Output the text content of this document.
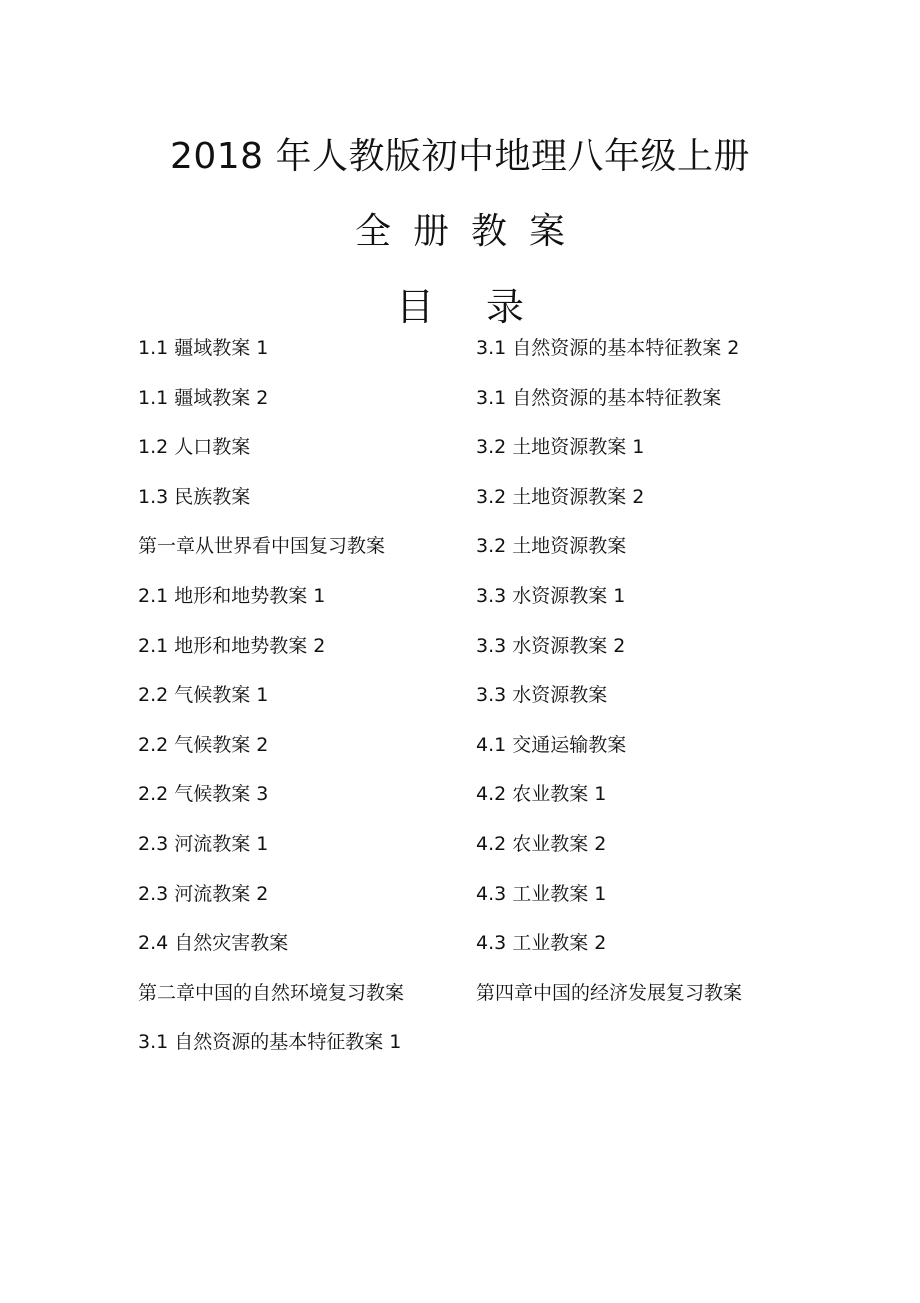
2018 年人教版初中地理八年级上册
全册教案
目录
1.1 疆域教案 1
1.1 疆域教案 2
1.2 人口教案
1.3 民族教案
第一章从世界看中国复习教案
2.1 地形和地势教案 1
2.1 地形和地势教案 2
2.2 气候教案 1
2.2 气候教案 2
2.2 气候教案 3
2.3 河流教案 1
2.3 河流教案 2
2.4 自然灾害教案
第二章中国的自然环境复习教案
3.1 自然资源的基本特征教案 1
3.1 自然资源的基本特征教案 2
3.1 自然资源的基本特征教案
3.2 土地资源教案 1
3.2 土地资源教案 2
3.2 土地资源教案
3.3 水资源教案 1
3.3 水资源教案 2
3.3 水资源教案
4.1 交通运输教案
4.2 农业教案 1
4.2 农业教案 2
4.3 工业教案 1
4.3 工业教案 2
第四章中国的经济发展复习教案
